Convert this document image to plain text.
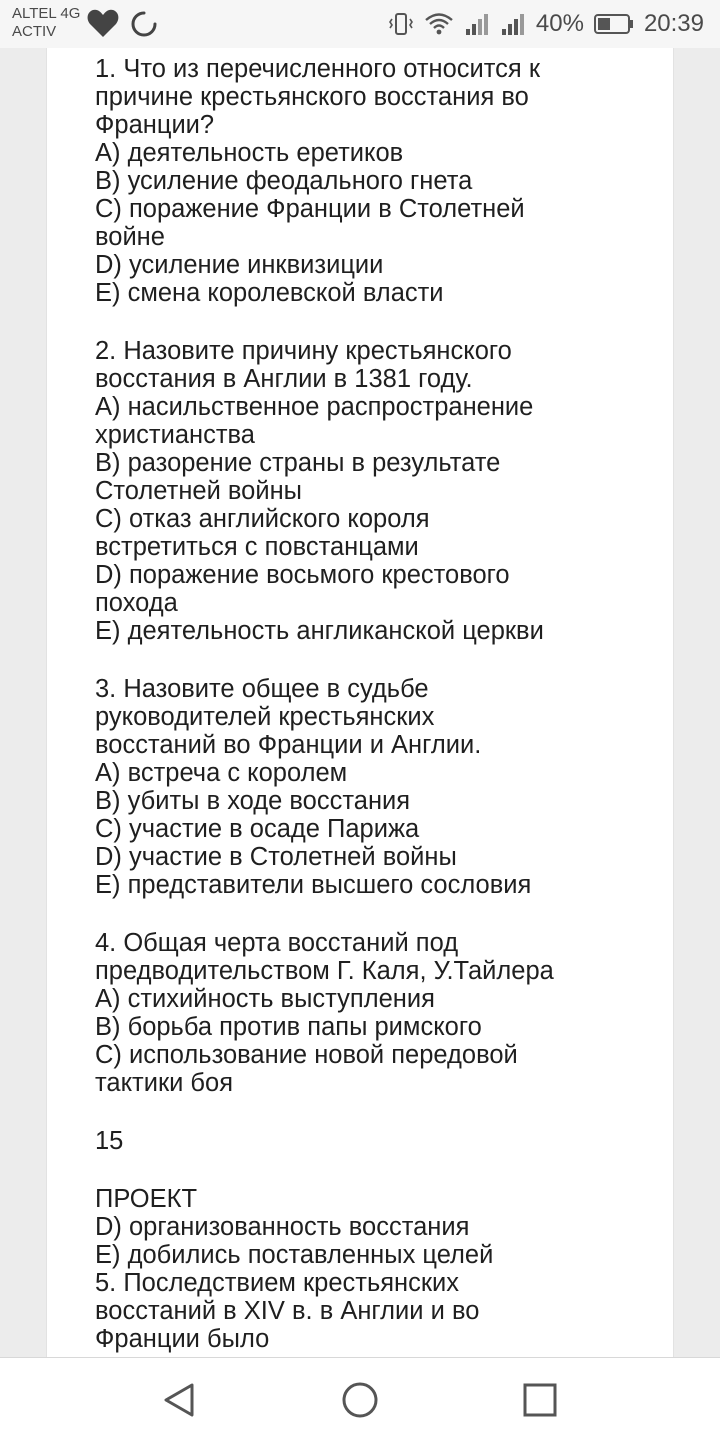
ALTEL 4G
ACTIV	40%	20:39
1. Что из перечисленного относится к
причине крестьянского восстания во
Франции?
A) деятельность еретиков
B) усиление феодального гнета
C) поражение Франции в Столетней
войне
D) усиление инквизиции
E) смена королевской власти
2. Назовите причину крестьянского
восстания в Англии в 1381 году.
A) насильственное распространение
христианства
B) разорение страны в результате
Столетней войны
C) отказ английского короля
встретиться с повстанцами
D) поражение восьмого крестового
похода
E) деятельность англиканской церкви
3. Назовите общее в судьбе
руководителей крестьянских
восстаний во Франции и Англии.
A) встреча с королем
B) убиты в ходе восстания
C) участие в осаде Парижа
D) участие в Столетней войны
E) представители высшего сословия
4. Общая черта восстаний под
предводительством Г. Каля, У.Тайлера
A) стихийность выступления
B) борьба против папы римского
C) использование новой передовой
тактики боя
15
ПРОЕКТ
D) организованность восстания
E) добились поставленных целей
5. Последствием крестьянских
восстаний в XIV в. в Англии и во
Франции было
